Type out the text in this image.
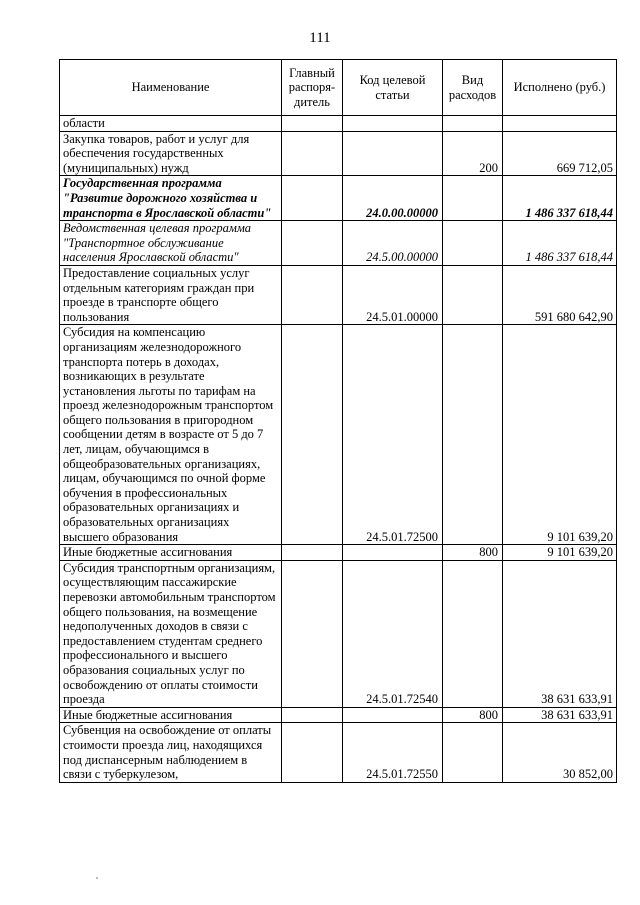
111
Наименование	Главный распоря-дитель	Код целевой статьи	Вид расходов	Исполнено (руб.)
области				
Закупка товаров, работ и услуг для обеспечения государственных (муниципальных) нужд			200	669 712,05
Государственная программа "Развитие дорожного хозяйства и транспорта в Ярославской области"		24.0.00.00000		1 486 337 618,44
Ведомственная целевая программа "Транспортное обслуживание населения Ярославской области"		24.5.00.00000		1 486 337 618,44
Предоставление социальных услуг отдельным категориям граждан при проезде в транспорте общего пользования		24.5.01.00000		591 680 642,90
Субсидия на компенсацию организациям железнодорожного транспорта потерь в доходах, возникающих в результате установления льготы по тарифам на проезд железнодорожным транспортом общего пользования в пригородном сообщении детям в возрасте от 5 до 7 лет, лицам, обучающимся в общеобразовательных организациях, лицам, обучающимся по очной форме обучения в профессиональных образовательных организациях и образовательных организациях высшего образования		24.5.01.72500		9 101 639,20
Иные бюджетные ассигнования			800	9 101 639,20
Субсидия транспортным организациям, осуществляющим пассажирские перевозки автомобильным транспортом общего пользования, на возмещение недополученных доходов в связи с предоставлением студентам среднего профессионального и высшего образования социальных услуг по освобождению от оплаты стоимости проезда		24.5.01.72540		38 631 633,91
Иные бюджетные ассигнования			800	38 631 633,91
Субвенция на освобождение от оплаты стоимости проезда лиц, находящихся под диспансерным наблюдением в связи с туберкулезом,		24.5.01.72550		30 852,00
